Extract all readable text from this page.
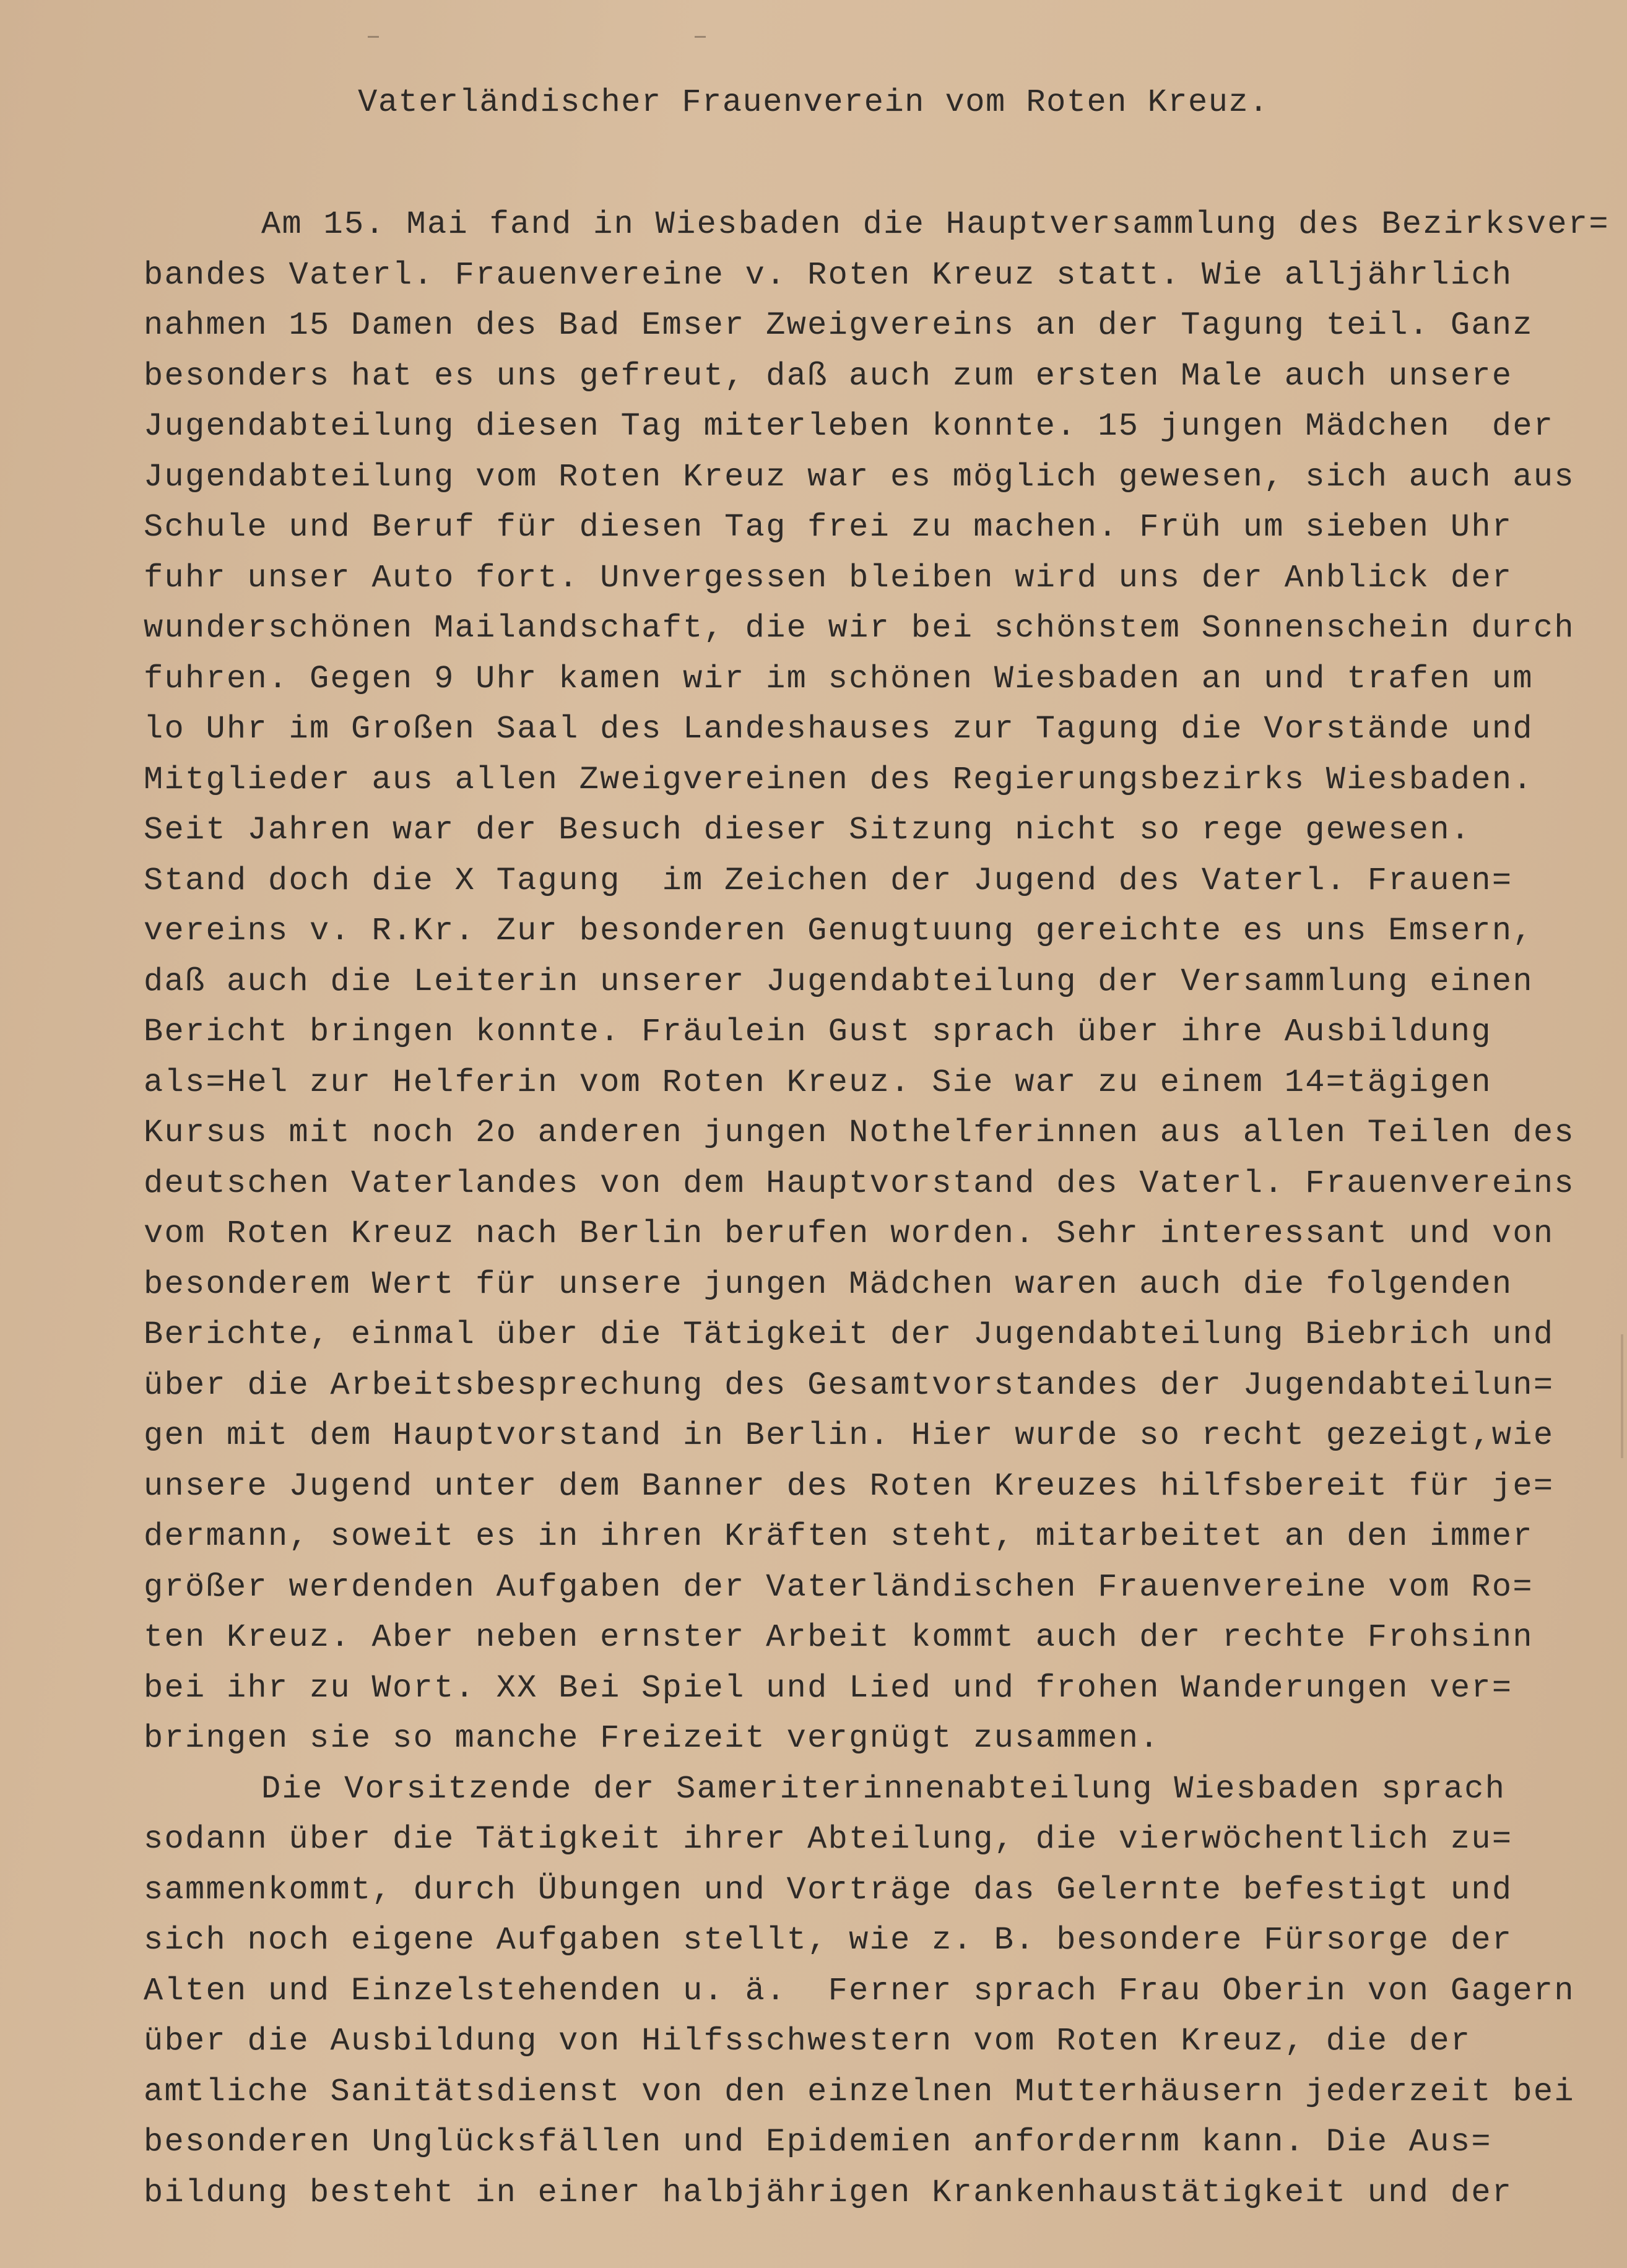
Vaterländischer Frauenverein vom Roten Kreuz.
Am 15. Mai fand in Wiesbaden die Hauptversammlung des Bezirksver=
bandes Vaterl. Frauenvereine v. Roten Kreuz statt. Wie alljährlich
nahmen 15 Damen des Bad Emser Zweigvereins an der Tagung teil. Ganz
besonders hat es uns gefreut, daß auch zum ersten Male auch unsere
Jugendabteilung diesen Tag miterleben konnte. 15 jungen Mädchen  der
Jugendabteilung vom Roten Kreuz war es möglich gewesen, sich auch aus
Schule und Beruf für diesen Tag frei zu machen. Früh um sieben Uhr
fuhr unser Auto fort. Unvergessen bleiben wird uns der Anblick der
wunderschönen Mailandschaft, die wir bei schönstem Sonnenschein durch
fuhren. Gegen 9 Uhr kamen wir im schönen Wiesbaden an und trafen um
lo Uhr im Großen Saal des Landeshauses zur Tagung die Vorstände und
Mitglieder aus allen Zweigvereinen des Regierungsbezirks Wiesbaden.
Seit Jahren war der Besuch dieser Sitzung nicht so rege gewesen.
Stand doch die X Tagung  im Zeichen der Jugend des Vaterl. Frauen=
vereins v. R.Kr. Zur besonderen Genugtuung gereichte es uns Emsern,
daß auch die Leiterin unserer Jugendabteilung der Versammlung einen
Bericht bringen konnte. Fräulein Gust sprach über ihre Ausbildung
als=Hel zur Helferin vom Roten Kreuz. Sie war zu einem 14=tägigen
Kursus mit noch 2o anderen jungen Nothelferinnen aus allen Teilen des
deutschen Vaterlandes von dem Hauptvorstand des Vaterl. Frauenvereins
vom Roten Kreuz nach Berlin berufen worden. Sehr interessant und von
besonderem Wert für unsere jungen Mädchen waren auch die folgenden
Berichte, einmal über die Tätigkeit der Jugendabteilung Biebrich und
über die Arbeitsbesprechung des Gesamtvorstandes der Jugendabteilun=
gen mit dem Hauptvorstand in Berlin. Hier wurde so recht gezeigt,wie
unsere Jugend unter dem Banner des Roten Kreuzes hilfsbereit für je=
dermann, soweit es in ihren Kräften steht, mitarbeitet an den immer
größer werdenden Aufgaben der Vaterländischen Frauenvereine vom Ro=
ten Kreuz. Aber neben ernster Arbeit kommt auch der rechte Frohsinn
bei ihr zu Wort. XX Bei Spiel und Lied und frohen Wanderungen ver=
bringen sie so manche Freizeit vergnügt zusammen.
Die Vorsitzende der Sameriterinnenabteilung Wiesbaden sprach
sodann über die Tätigkeit ihrer Abteilung, die vierwöchentlich zu=
sammenkommt, durch Übungen und Vorträge das Gelernte befestigt und
sich noch eigene Aufgaben stellt, wie z. B. besondere Fürsorge der
Alten und Einzelstehenden u. ä.  Ferner sprach Frau Oberin von Gagern
über die Ausbildung von Hilfsschwestern vom Roten Kreuz, die der
amtliche Sanitätsdienst von den einzelnen Mutterhäusern jederzeit bei
besonderen Unglücksfällen und Epidemien anfordernm kann. Die Aus=
bildung besteht in einer halbjährigen Krankenhaustätigkeit und der
